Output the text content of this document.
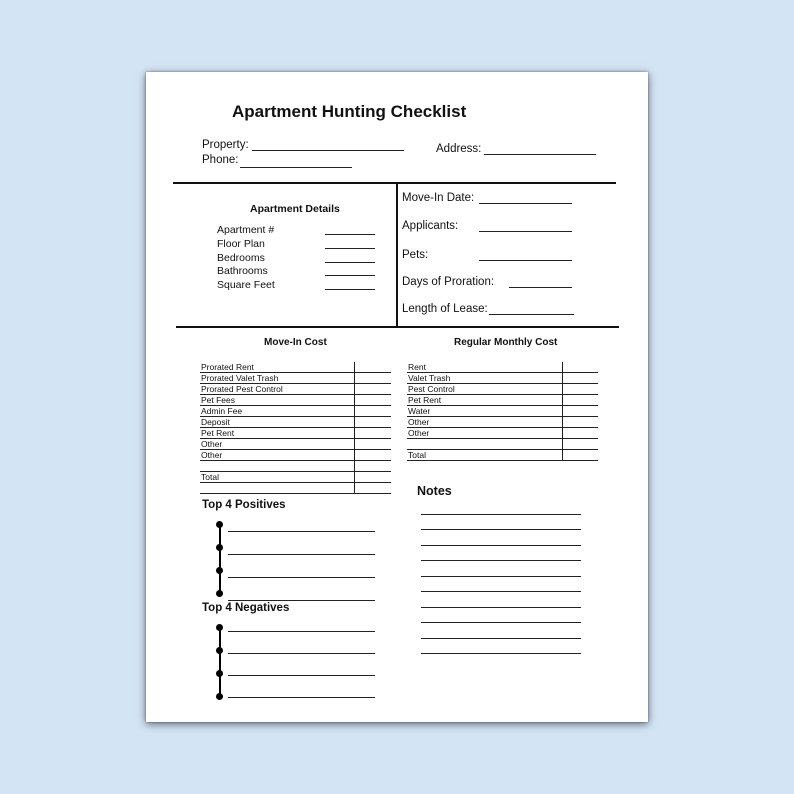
Apartment Hunting Checklist
Property:
Phone:
Address:
Apartment Details
Apartment #
Floor Plan
Bedrooms
Bathrooms
Square Feet
Move-In Date:
Applicants:
Pets:
Days of Proration:
Length of Lease:
Move-In Cost
Prorated Rent
Prorated Valet Trash
Prorated Pest Control
Pet Fees
Admin Fee
Deposit
Pet Rent
Other
Other
Total
Regular Monthly Cost
Rent
Valet Trash
Pest Control
Pet Rent
Water
Other
Other
Total
Top 4 Positives
Top 4 Negatives
Notes
